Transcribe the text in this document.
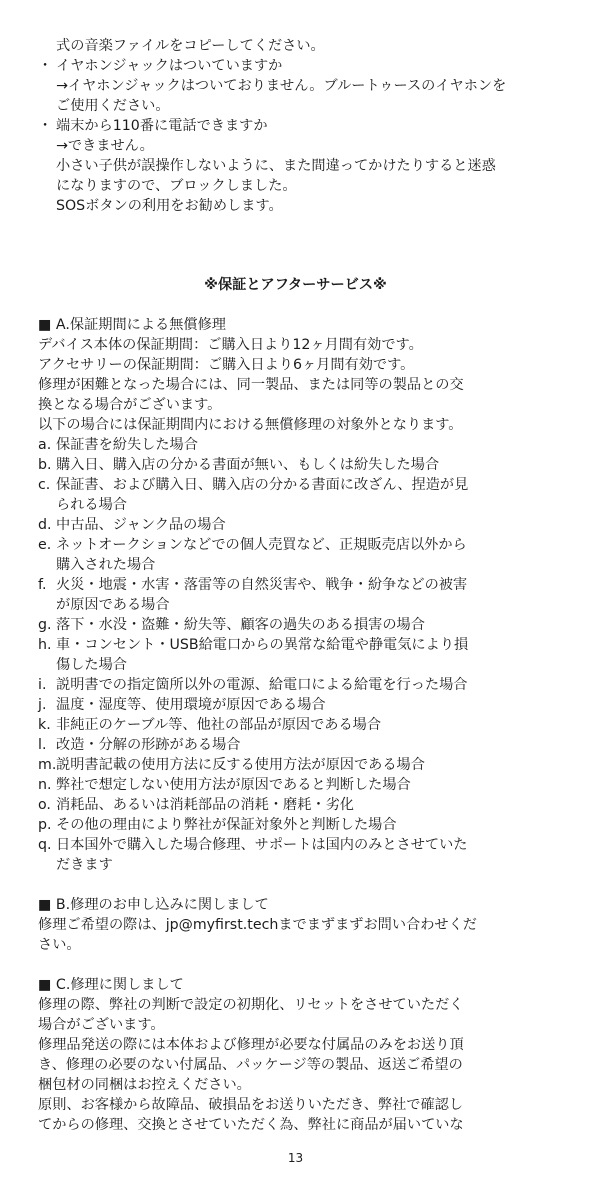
式の音楽ファイルをコピーしてください。
・ イヤホンジャックはついていますか
→イヤホンジャックはついておりません。ブルートゥースのイヤホンを
ご使用ください。
・ 端末から110番に電話できますか
→できません。
小さい子供が誤操作しないように、また間違ってかけたりすると迷惑
になりますので、ブロックしました。
SOSボタンの利用をお勧めします。
※保証とアフターサービス※
■ A.保証期間による無償修理
デバイス本体の保証期間：ご購入日より12ヶ月間有効です。
アクセサリーの保証期間：ご購入日より6ヶ月間有効です。
修理が困難となった場合には、同一製品、または同等の製品との交
換となる場合がございます。
以下の場合には保証期間内における無償修理の対象外となります。
a. 保証書を紛失した場合
b. 購入日、購入店の分かる書面が無い、もしくは紛失した場合
c. 保証書、および購入日、購入店の分かる書面に改ざん、捏造が見
られる場合
d. 中古品、ジャンク品の場合
e. ネットオークションなどでの個人売買など、正規販売店以外から
購入された場合
f. 火災・地震・水害・落雷等の自然災害や、戦争・紛争などの被害
が原因である場合
g. 落下・水没・盗難・紛失等、顧客の過失のある損害の場合
h. 車・コンセント・USB給電口からの異常な給電や静電気により損
傷した場合
i. 説明書での指定箇所以外の電源、給電口による給電を行った場合
j. 温度・湿度等、使用環境が原因である場合
k. 非純正のケーブル等、他社の部品が原因である場合
l. 改造・分解の形跡がある場合
m. 説明書記載の使用方法に反する使用方法が原因である場合
n. 弊社で想定しない使用方法が原因であると判断した場合
o. 消耗品、あるいは消耗部品の消耗・磨耗・劣化
p. その他の理由により弊社が保証対象外と判断した場合
q. 日本国外で購入した場合修理、サポートは国内のみとさせていた
だきます
■ B.修理のお申し込みに関しまして
修理ご希望の際は、jp@myfirst.techまでまずまずお問い合わせくだ
さい。
■ C.修理に関しまして
修理の際、弊社の判断で設定の初期化、リセットをさせていただく
場合がございます。
修理品発送の際には本体および修理が必要な付属品のみをお送り頂
き、修理の必要のない付属品、パッケージ等の製品、返送ご希望の
梱包材の同梱はお控えください。
原則、お客様から故障品、破損品をお送りいただき、弊社で確認し
てからの修理、交換とさせていただく為、弊社に商品が届いていな
13
